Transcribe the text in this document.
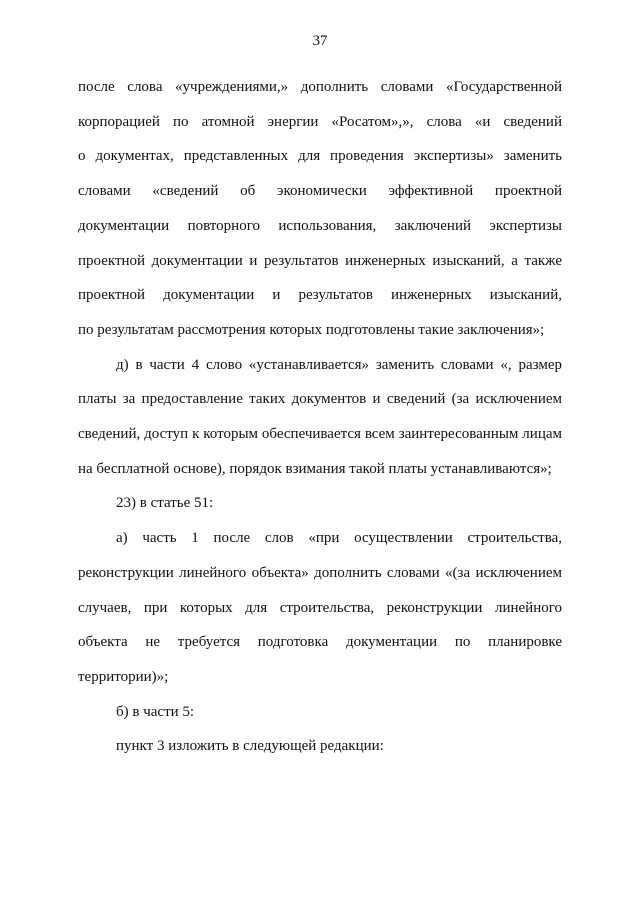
37

после слова «учреждениями,» дополнить словами «Государственной
корпорацией по атомной энергии «Росатом»,», слова «и сведений
о документах, представленных для проведения экспертизы» заменить
словами «сведений об экономически эффективной проектной
документации повторного использования, заключений экспертизы
проектной документации и результатов инженерных изысканий, а также
проектной документации и результатов инженерных изысканий,
по результатам рассмотрения которых подготовлены такие заключения»;

д) в части 4 слово «устанавливается» заменить словами «, размер
платы за предоставление таких документов и сведений (за исключением
сведений, доступ к которым обеспечивается всем заинтересованным лицам
на бесплатной основе), порядок взимания такой платы устанавливаются»;

23) в статье 51:

а) часть 1 после слов «при осуществлении строительства,
реконструкции линейного объекта» дополнить словами «(за исключением
случаев, при которых для строительства, реконструкции линейного
объекта не требуется подготовка документации по планировке
территории)»;

б) в части 5:

пункт 3 изложить в следующей редакции:
